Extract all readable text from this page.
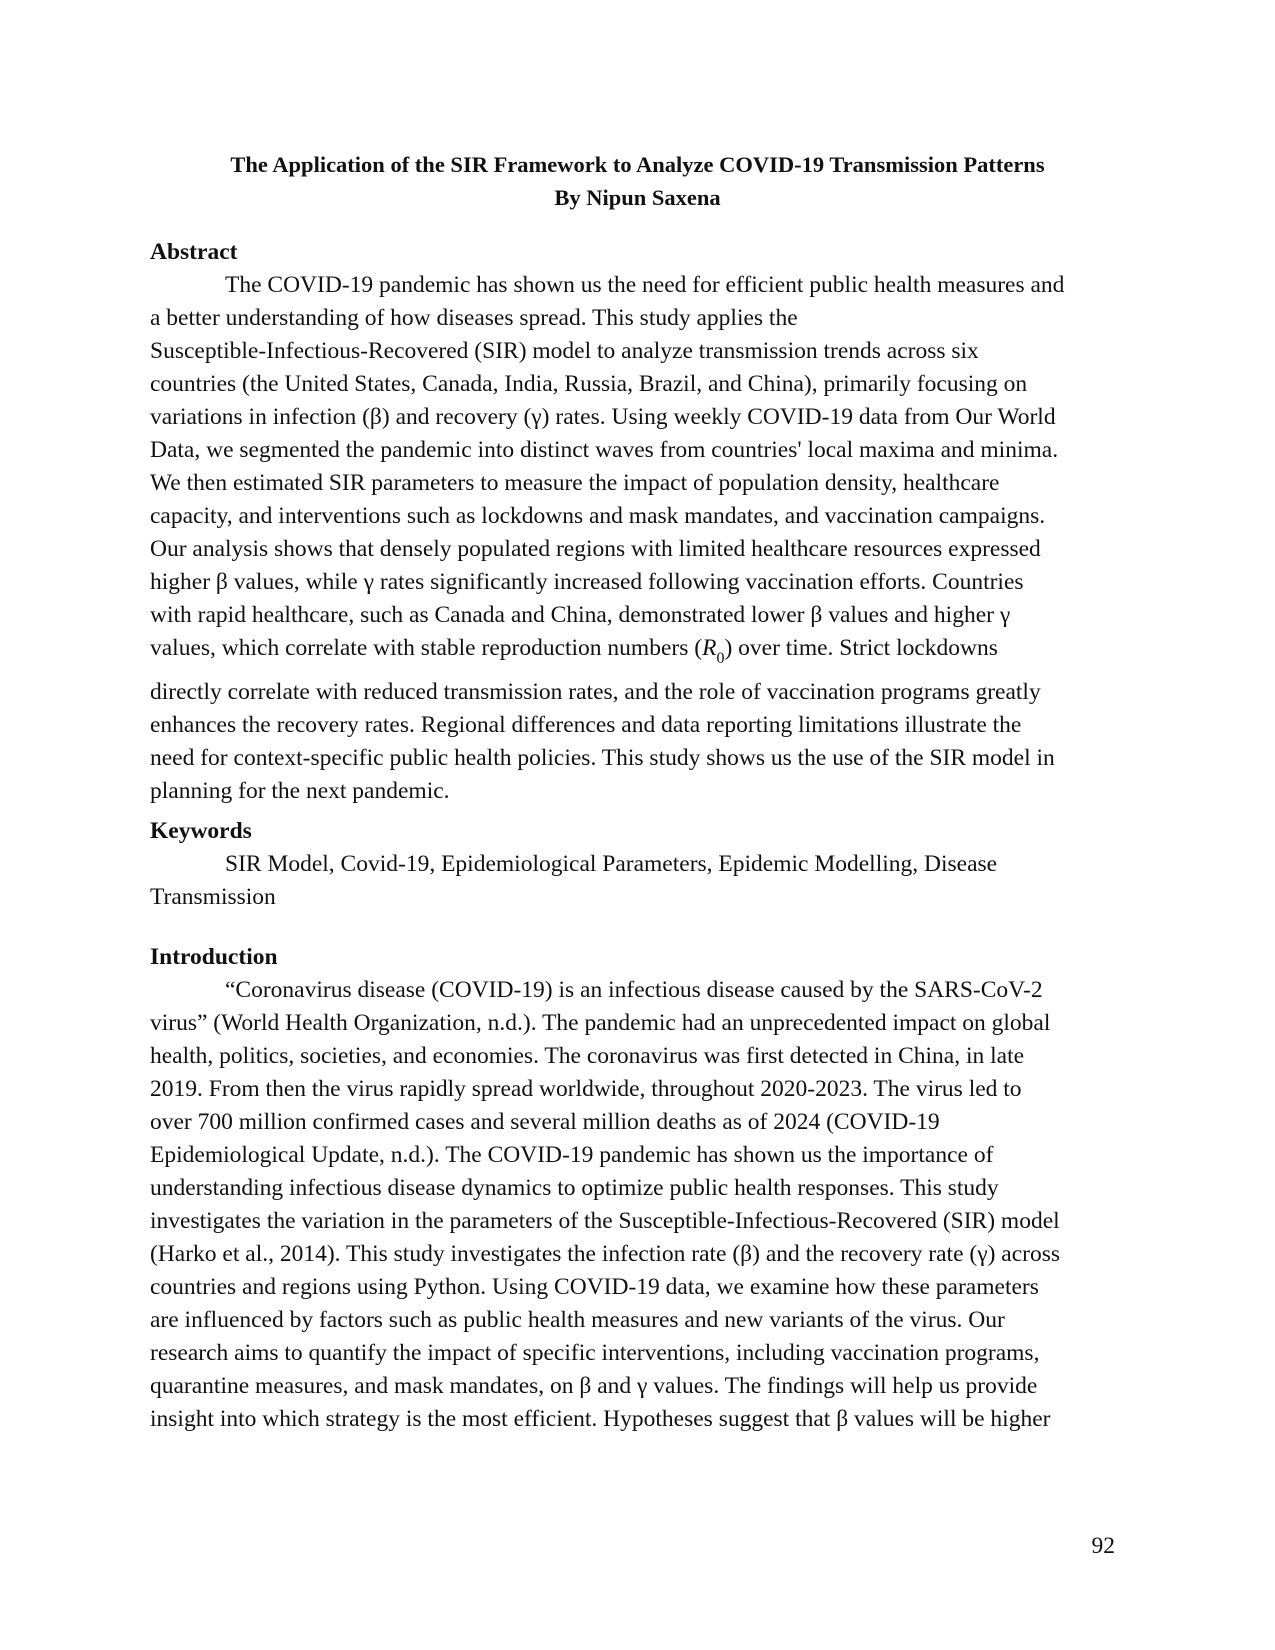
The Application of the SIR Framework to Analyze COVID-19 Transmission Patterns
By Nipun Saxena
Abstract
The COVID-19 pandemic has shown us the need for efficient public health measures and
a better understanding of how diseases spread. This study applies the
Susceptible-Infectious-Recovered (SIR) model to analyze transmission trends across six
countries (the United States, Canada, India, Russia, Brazil, and China), primarily focusing on
variations in infection (β) and recovery (γ) rates. Using weekly COVID-19 data from Our World
Data, we segmented the pandemic into distinct waves from countries' local maxima and minima.
We then estimated SIR parameters to measure the impact of population density, healthcare
capacity, and interventions such as lockdowns and mask mandates, and vaccination campaigns.
Our analysis shows that densely populated regions with limited healthcare resources expressed
higher β values, while γ rates significantly increased following vaccination efforts. Countries
with rapid healthcare, such as Canada and China, demonstrated lower β values and higher γ
values, which correlate with stable reproduction numbers $(R_0)$ over time. Strict lockdowns
directly correlate with reduced transmission rates, and the role of vaccination programs greatly
enhances the recovery rates. Regional differences and data reporting limitations illustrate the
need for context-specific public health policies. This study shows us the use of the SIR model in
planning for the next pandemic.
Keywords
SIR Model, Covid-19, Epidemiological Parameters, Epidemic Modelling, Disease
Transmission
Introduction
“Coronavirus disease (COVID-19) is an infectious disease caused by the SARS-CoV-2
virus” (World Health Organization, n.d.). The pandemic had an unprecedented impact on global
health, politics, societies, and economies. The coronavirus was first detected in China, in late
2019. From then the virus rapidly spread worldwide, throughout 2020-2023. The virus led to
over 700 million confirmed cases and several million deaths as of 2024 (COVID-19
Epidemiological Update, n.d.). The COVID-19 pandemic has shown us the importance of
understanding infectious disease dynamics to optimize public health responses. This study
investigates the variation in the parameters of the Susceptible-Infectious-Recovered (SIR) model
(Harko et al., 2014). This study investigates the infection rate (β) and the recovery rate (γ) across
countries and regions using Python. Using COVID-19 data, we examine how these parameters
are influenced by factors such as public health measures and new variants of the virus. Our
research aims to quantify the impact of specific interventions, including vaccination programs,
quarantine measures, and mask mandates, on β and γ values. The findings will help us provide
insight into which strategy is the most efficient. Hypotheses suggest that β values will be higher
92
